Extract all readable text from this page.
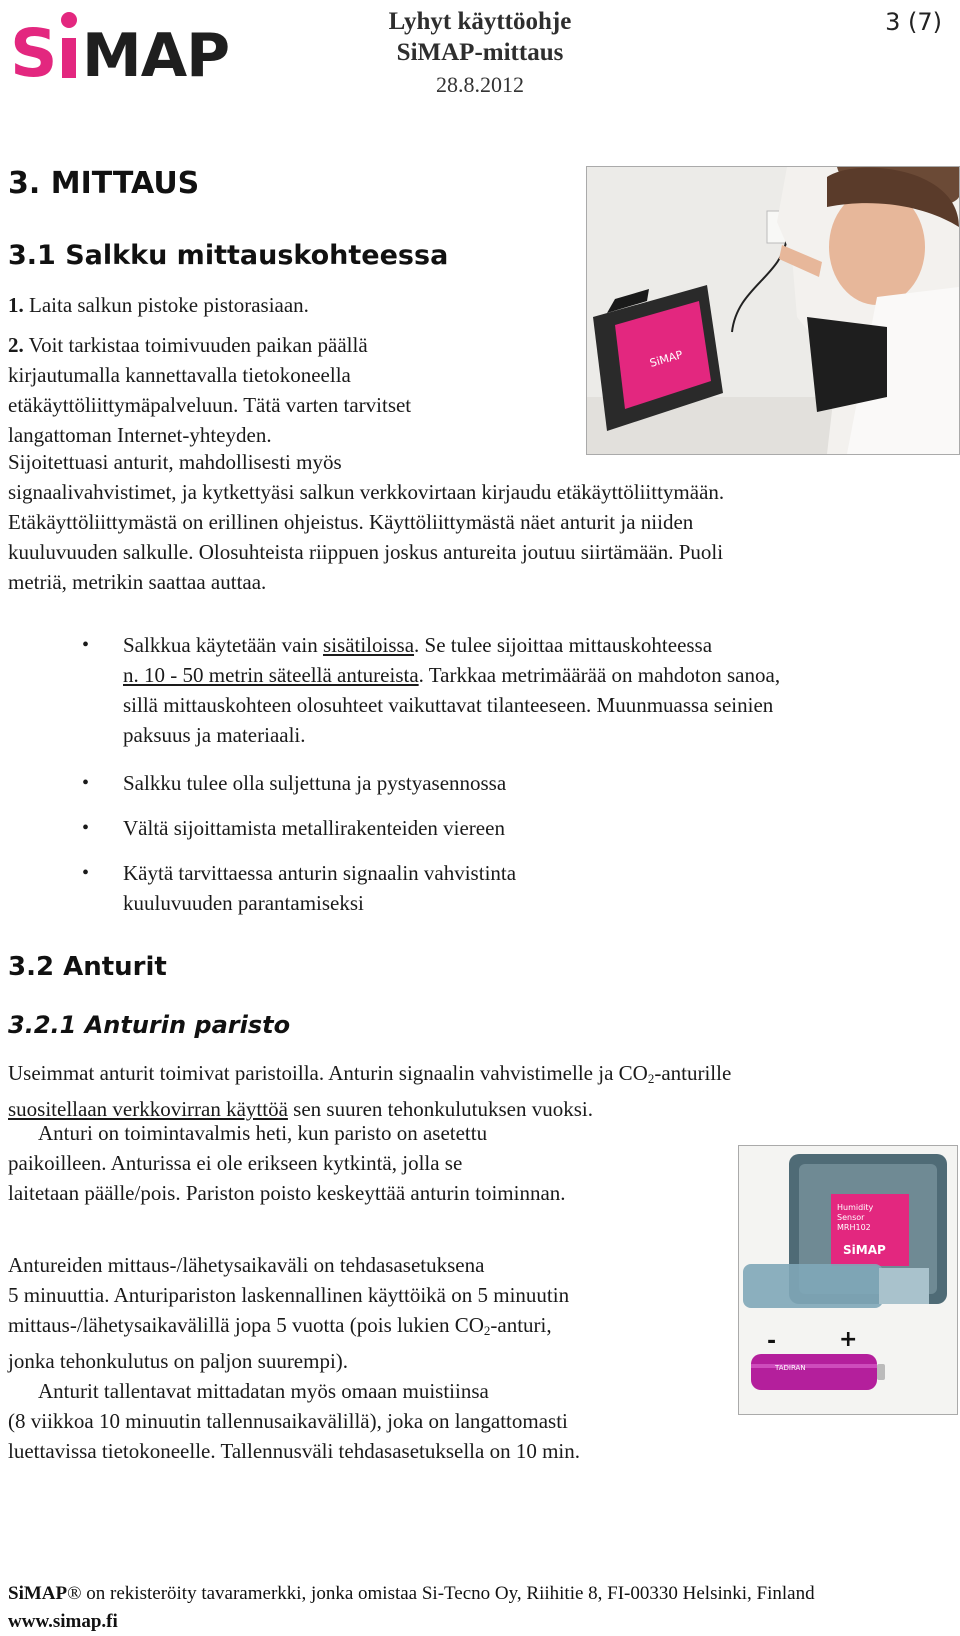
S MAP	Lyhyt käyttöohje
SiMAP-mittaus
28.8.2012
3 (7)
3. MITTAUS
3.1 Salkku mittauskohteessa
1. Laita salkun pistoke pistorasiaan.
2. Voit tarkistaa toimivuuden paikan päällä
kirjautumalla kannettavalla tietokoneella
etäkäyttöliittymäpalveluun. Tätä varten tarvitset
langattoman Internet-yhteyden.
SiMAP
Sijoitettuasi anturit, mahdollisesti myös
signaalivahvistimet, ja kytkettyäsi salkun verkkovirtaan kirjaudu etäkäyttöliittymään.
Etäkäyttöliittymästä on erillinen ohjeistus. Käyttöliittymästä näet anturit ja niiden
kuuluvuuden salkulle. Olosuhteista riippuen joskus antureita joutuu siirtämään. Puoli
metriä, metrikin saattaa auttaa.
• Salkkua käytetään vain sisätiloissa. Se tulee sijoittaa mittauskohteessa
n. 10 - 50 metrin säteellä antureista. Tarkkaa metrimäärää on mahdoton sanoa,
sillä mittauskohteen olosuhteet vaikuttavat tilanteeseen. Muunmuassa seinien
paksuus ja materiaali.
• Salkku tulee olla suljettuna ja pystyasennossa
• Vältä sijoittamista metallirakenteiden viereen
• Käytä tarvittaessa anturin signaalin vahvistinta
kuuluvuuden parantamiseksi
3.2 Anturit
3.2.1 Anturin paristo
Useimmat anturit toimivat paristoilla. Anturin signaalin vahvistimelle ja $CO_2$-anturille
suositellaan verkkovirran käyttöä sen suuren tehonkulutuksen vuoksi.
Anturi on toimintavalmis heti, kun paristo on asetettu
paikoilleen. Anturissa ei ole erikseen kytkintä, jolla se
laitetaan päälle/pois. Pariston poisto keskeyttää anturin toiminnan.
Antureiden mittaus-/lähetysaikaväli on tehdasasetuksena
5 minuuttia. Anturipariston laskennallinen käyttöikä on 5 minuutin
mittaus-/lähetysaikavälillä jopa 5 vuotta (pois lukien $CO_2$-anturi,
jonka tehonkulutus on paljon suurempi).
Anturit tallentavat mittadatan myös omaan muistiinsa
(8 viikkoa 10 minuutin tallennusaikavälillä), joka on langattomasti
luettavissa tietokoneelle. Tallennusväli tehdasasetuksella on 10 min.
Humidity
Sensor
MRH102
SiMAP
-	+
TADIRAN
SiMAP® on rekisteröity tavaramerkki, jonka omistaa Si-Tecno Oy, Riihitie 8, FI-00330 Helsinki, Finland
www.simap.fi
